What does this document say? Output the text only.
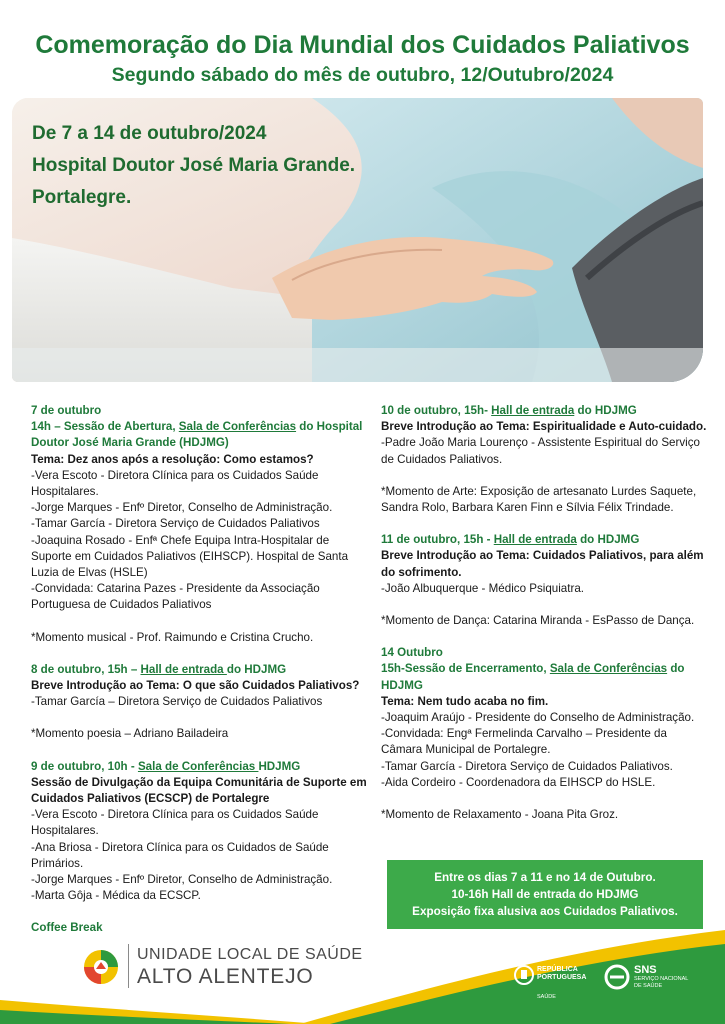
Comemoração do Dia Mundial dos Cuidados Paliativos
Segundo sábado do mês de outubro, 12/Outubro/2024
De 7 a 14 de outubro/2024
Hospital Doutor José Maria Grande.
Portalegre.
7 de outubro
14h – Sessão de Abertura, Sala de Conferências do Hospital Doutor José Maria Grande (HDJMG)
Tema: Dez anos após a resolução: Como estamos?
-Vera Escoto - Diretora Clínica para os Cuidados Saúde Hospitalares.
-Jorge Marques - Enfº Diretor, Conselho de Administração.
-Tamar García - Diretora Serviço de Cuidados Paliativos
-Joaquina Rosado - Enfª Chefe Equipa Intra-Hospitalar de Suporte em Cuidados Paliativos (EIHSCP). Hospital de Santa Luzia de Elvas (HSLE)
-Convidada: Catarina Pazes - Presidente da Associação Portuguesa de Cuidados Paliativos
*Momento musical - Prof. Raimundo e Cristina Crucho.
8 de outubro, 15h – Hall de entrada do HDJMG
Breve Introdução ao Tema: O que são Cuidados Paliativos?
-Tamar García – Diretora Serviço de Cuidados Paliativos
*Momento poesia – Adriano Bailadeira
9 de outubro, 10h - Sala de Conferências HDJMG
Sessão de Divulgação da Equipa Comunitária de Suporte em Cuidados Paliativos (ECSCP) de Portalegre
-Vera Escoto - Diretora Clínica para os Cuidados Saúde Hospitalares.
-Ana Briosa - Diretora Clínica para os Cuidados de Saúde Primários.
-Jorge Marques - Enfº Diretor, Conselho de Administração.
-Marta Gôja - Médica da ECSCP.
Coffee Break
10 de outubro, 15h- Hall de entrada do HDJMG
Breve Introdução ao Tema: Espiritualidade e Auto-cuidado.
-Padre João Maria Lourenço - Assistente Espiritual do Serviço de Cuidados Paliativos.
*Momento de Arte: Exposição de artesanato Lurdes Saquete, Sandra Rolo, Barbara Karen Finn e Sílvia Félix Trindade.
11 de outubro, 15h - Hall de entrada do HDJMG
Breve Introdução ao Tema: Cuidados Paliativos, para além do sofrimento.
-João Albuquerque - Médico Psiquiatra.
*Momento de Dança: Catarina Miranda - EsPasso de Dança.
14 Outubro
15h-Sessão de Encerramento, Sala de Conferências do HDJMG
Tema: Nem tudo acaba no fim.
-Joaquim Araújo - Presidente do Conselho de Administração.
-Convidada: Engª Fermelinda Carvalho – Presidente da Câmara Municipal de Portalegre.
-Tamar García - Diretora Serviço de Cuidados Paliativos.
-Aida Cordeiro - Coordenadora da EIHSCP do HSLE.
*Momento de Relaxamento - Joana Pita Groz.
Entre os dias 7 a 11 e no 14 de Outubro.
10-16h Hall de entrada do HDJMG
Exposição fixa alusiva aos Cuidados Paliativos.
UNIDADE LOCAL DE SAÚDE
ALTO ALENTEJO	REPÚBLICA
PORTUGUESA
SAÚDE
SNS
SERVIÇO NACIONAL
DE SAÚDE
